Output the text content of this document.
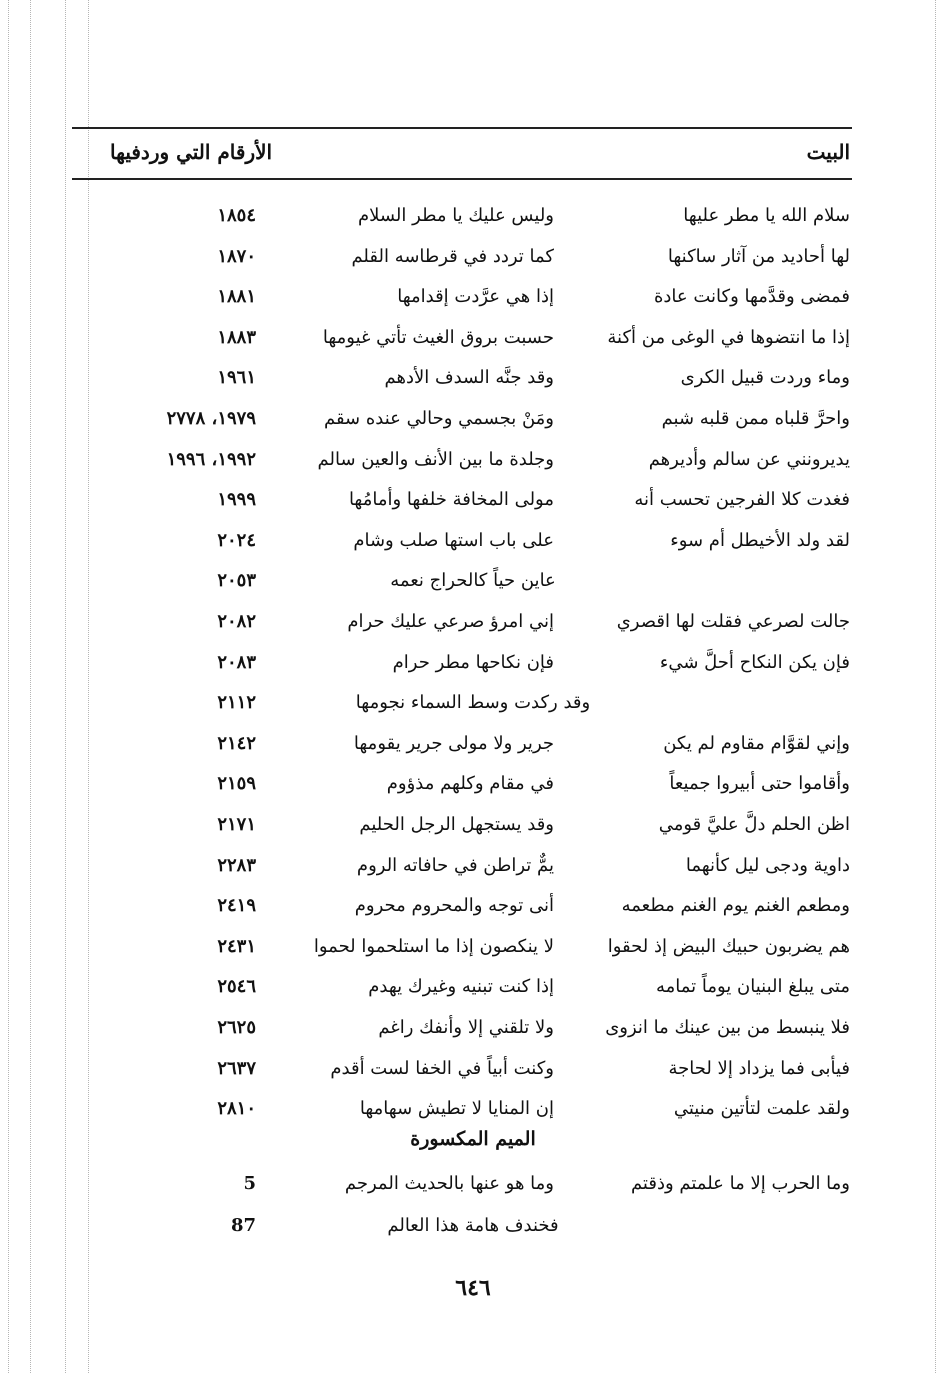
الأرقام التي وردفيها	البيت
سلام الله يا مطر عليها
وليس عليك يا مطر السلام
١٨٥٤
لها أحاديد من آثار ساكنها
كما تردد في قرطاسه القلم
١٨٧٠
فمضى وقدَّمها وكانت عادة
إذا هي عرَّدت إقدامها
١٨٨١
إذا ما انتضوها في الوغى من أكنة
حسبت بروق الغيث تأتي غيومها
١٨٨٣
وماء وردت قبيل الكرى
وقد جنَّه السدف الأدهم
١٩٦١
واحرَّ قلباه ممن قلبه شبم
ومَنْ بجسمي وحالي عنده سقم
١٩٧٩، ٢٧٧٨
يديرونني عن سالم وأديرهم
وجلدة ما بين الأنف والعين سالم
١٩٩٢، ١٩٩٦
فغدت كلا الفرجين تحسب أنه
مولى المخافة خلفها وأمامُها
١٩٩٩
لقد ولد الأخيطل أم سوء
على باب استها صلب وشام
٢٠٢٤
عاين حياً كالحراج نعمه
٢٠٥٣
جالت لصرعي فقلت لها اقصري
إني امرؤ صرعي عليك حرام
٢٠٨٢
فإن يكن النكاح أحلَّ شيء
فإن نكاحها مطر حرام
٢٠٨٣
وقد ركدت وسط السماء نجومها
٢١١٢
وإني لقوَّام مقاوم لم يكن
جرير ولا مولى جرير يقومها
٢١٤٢
وأقاموا حتى أبيروا جميعاً
في مقام وكلهم مذؤوم
٢١٥٩
اظن الحلم دلَّ عليَّ قومي
وقد يستجهل الرجل الحليم
٢١٧١
داوية ودجى ليل كأنهما
يمٌّ تراطن في حافاته الروم
٢٢٨٣
ومطعم الغنم يوم الغنم مطعمه
أنى توجه والمحروم محروم
٢٤١٩
هم يضربون حبيك البيض إذ لحقوا
لا ينكصون إذا ما استلحموا لحموا
٢٤٣١
متى يبلغ البنيان يوماً تمامه
إذا كنت تبنيه وغيرك يهدم
٢٥٤٦
فلا ينبسط من بين عينك ما انزوى
ولا تلقني إلا وأنفك راغم
٢٦٢٥
فيأبى فما يزداد إلا لحاجة
وكنت أبياً في الخفا لست أقدم
٢٦٣٧
ولقد علمت لتأتين منيتي
إن المنايا لا تطيش سهامها
٢٨١٠
الميم المكسورة
وما الحرب إلا ما علمتم وذقتم
وما هو عنها بالحديث المرجم
5
فخندف هامة هذا العالم
87
٦٤٦
